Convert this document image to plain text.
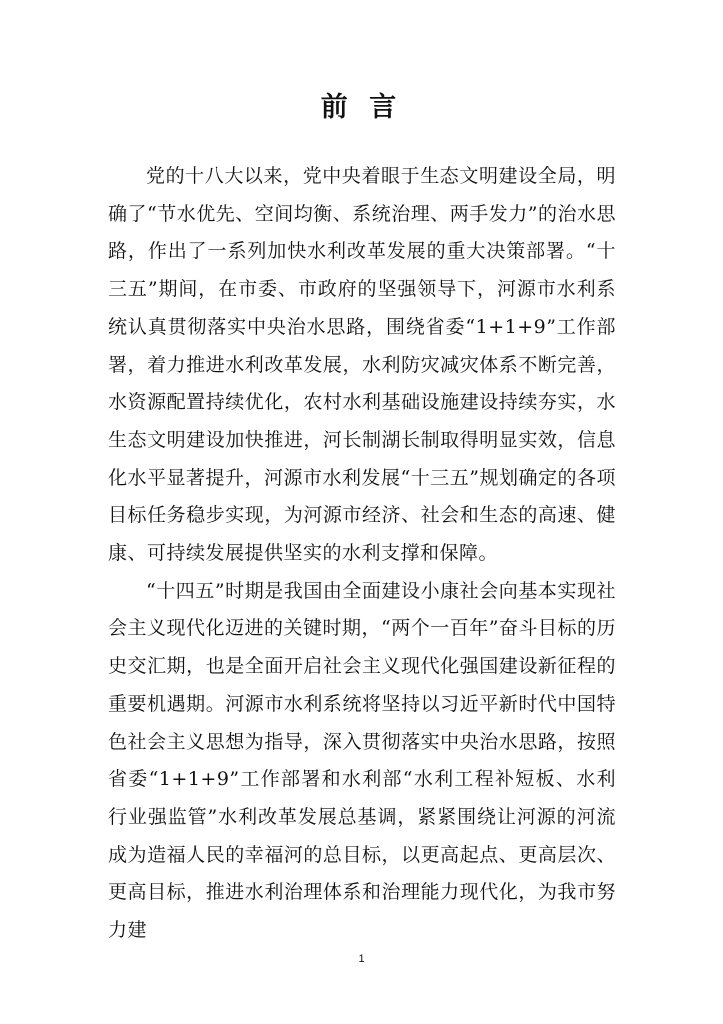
前 言

党的十八大以来，党中央着眼于生态文明建设全局，明确了“节水优先、空间均衡、系统治理、两手发力”的治水思路，作出了一系列加快水利改革发展的重大决策部署。“十三五”期间，在市委、市政府的坚强领导下，河源市水利系统认真贯彻落实中央治水思路，围绕省委“1+1+9”工作部署，着力推进水利改革发展，水利防灾减灾体系不断完善，水资源配置持续优化，农村水利基础设施建设持续夯实，水生态文明建设加快推进，河长制湖长制取得明显实效，信息化水平显著提升，河源市水利发展“十三五”规划确定的各项目标任务稳步实现，为河源市经济、社会和生态的高速、健康、可持续发展提供坚实的水利支撑和保障。

“十四五”时期是我国由全面建设小康社会向基本实现社会主义现代化迈进的关键时期，“两个一百年”奋斗目标的历史交汇期，也是全面开启社会主义现代化强国建设新征程的重要机遇期。河源市水利系统将坚持以习近平新时代中国特色社会主义思想为指导，深入贯彻落实中央治水思路，按照省委“1+1+9”工作部署和水利部“水利工程补短板、水利行业强监管”水利改革发展总基调，紧紧围绕让河源的河流成为造福人民的幸福河的总目标，以更高起点、更高层次、更高目标，推进水利治理体系和治理能力现代化，为我市努力建

1
